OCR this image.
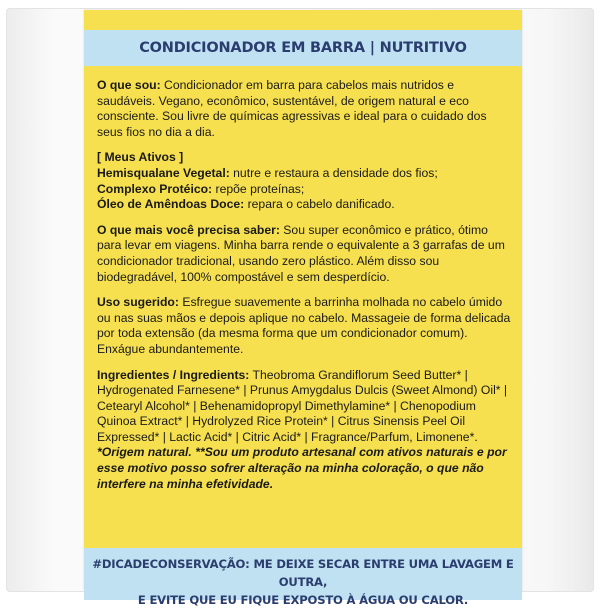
CONDICIONADOR EM BARRA | NUTRITIVO

O que sou: Condicionador em barra para cabelos mais nutridos e saudáveis. Vegano, econômico, sustentável, de origem natural e eco consciente. Sou livre de químicas agressivas e ideal para o cuidado dos seus fios no dia a dia.

[ Meus Ativos ]
Hemisqualane Vegetal: nutre e restaura a densidade dos fios;
Complexo Protéico: repõe proteínas;
Óleo de Amêndoas Doce: repara o cabelo danificado.

O que mais você precisa saber: Sou super econômico e prático, ótimo para levar em viagens. Minha barra rende o equivalente a 3 garrafas de um condicionador tradicional, usando zero plástico. Além disso sou biodegradável, 100% compostável e sem desperdício.

Uso sugerido: Esfregue suavemente a barrinha molhada no cabelo úmido ou nas suas mãos e depois aplique no cabelo. Massageie de forma delicada por toda extensão (da mesma forma que um condicionador comum). Enxágue abundantemente.

Ingredientes / Ingredients: Theobroma Grandiflorum Seed Butter* | Hydrogenated Farnesene* | Prunus Amygdalus Dulcis (Sweet Almond) Oil* | Cetearyl Alcohol* | Behenamidopropyl Dimethylamine* | Chenopodium Quinoa Extract* | Hydrolyzed Rice Protein* | Citrus Sinensis Peel Oil Expressed* | Lactic Acid* | Citric Acid* | Fragrance/Parfum, Limonene*. *Origem natural. **Sou um produto artesanal com ativos naturais e por esse motivo posso sofrer alteração na minha coloração, o que não interfere na minha efetividade.

#DICADECONSERVAÇÃO: ME DEIXE SECAR ENTRE UMA LAVAGEM E OUTRA,
E EVITE QUE EU FIQUE EXPOSTO À ÁGUA OU CALOR.
